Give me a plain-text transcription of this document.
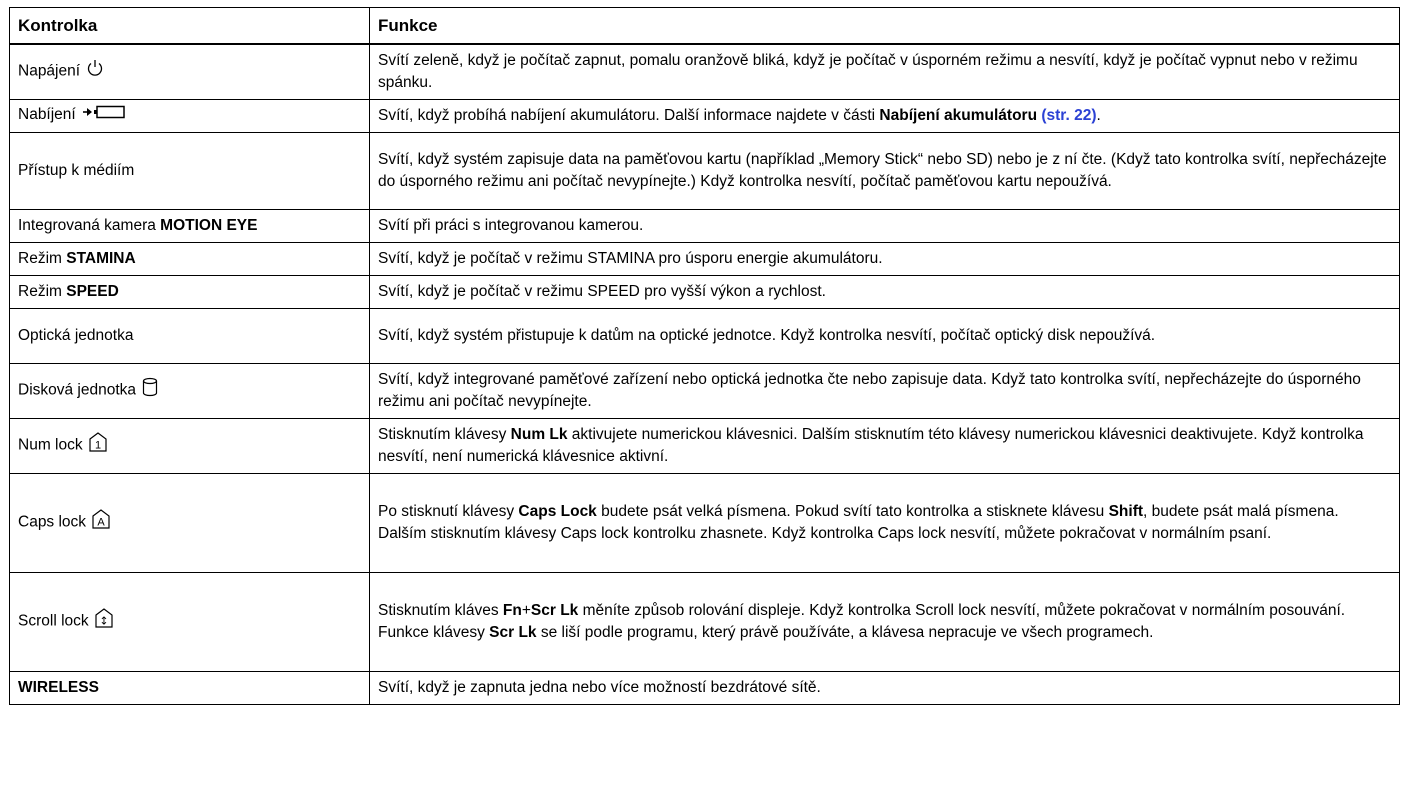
Kontrolka	Funkce
Napájení	Svítí zeleně, když je počítač zapnut, pomalu oranžově bliká, když je počítač v úsporném režimu a nesvítí, když je počítač vypnut nebo v režimu spánku.
Nabíjení	Svítí, když probíhá nabíjení akumulátoru. Další informace najdete v části Nabíjení akumulátoru (str. 22).
Přístup k médiím	Svítí, když systém zapisuje data na paměťovou kartu (například „Memory Stick“ nebo SD) nebo je z ní čte. (Když tato kontrolka svítí, nepřecházejte do úsporného režimu ani počítač nevypínejte.) Když kontrolka nesvítí, počítač paměťovou kartu nepoužívá.
Integrovaná kamera MOTION EYE	Svítí při práci s integrovanou kamerou.
Režim STAMINA	Svítí, když je počítač v režimu STAMINA pro úsporu energie akumulátoru.
Režim SPEED	Svítí, když je počítač v režimu SPEED pro vyšší výkon a rychlost.
Optická jednotka	Svítí, když systém přistupuje k datům na optické jednotce. Když kontrolka nesvítí, počítač optický disk nepoužívá.
Disková jednotka	Svítí, když integrované paměťové zařízení nebo optická jednotka čte nebo zapisuje data. Když tato kontrolka svítí, nepřecházejte do úsporného režimu ani počítač nevypínejte.
Num lock 1	Stisknutím klávesy Num Lk aktivujete numerickou klávesnici. Dalším stisknutím této klávesy numerickou klávesnici deaktivujete. Když kontrolka nesvítí, není numerická klávesnice aktivní.
Caps lock A	Po stisknutí klávesy Caps Lock budete psát velká písmena. Pokud svítí tato kontrolka a stisknete klávesu Shift, budete psát malá písmena. Dalším stisknutím klávesy Caps lock kontrolku zhasnete. Když kontrolka Caps lock nesvítí, můžete pokračovat v normálním psaní.
Scroll lock ↕	Stisknutím kláves Fn+Scr Lk měníte způsob rolování displeje. Když kontrolka Scroll lock nesvítí, můžete pokračovat v normálním posouvání. Funkce klávesy Scr Lk se liší podle programu, který právě používáte, a klávesa nepracuje ve všech programech.
WIRELESS	Svítí, když je zapnuta jedna nebo více možností bezdrátové sítě.
